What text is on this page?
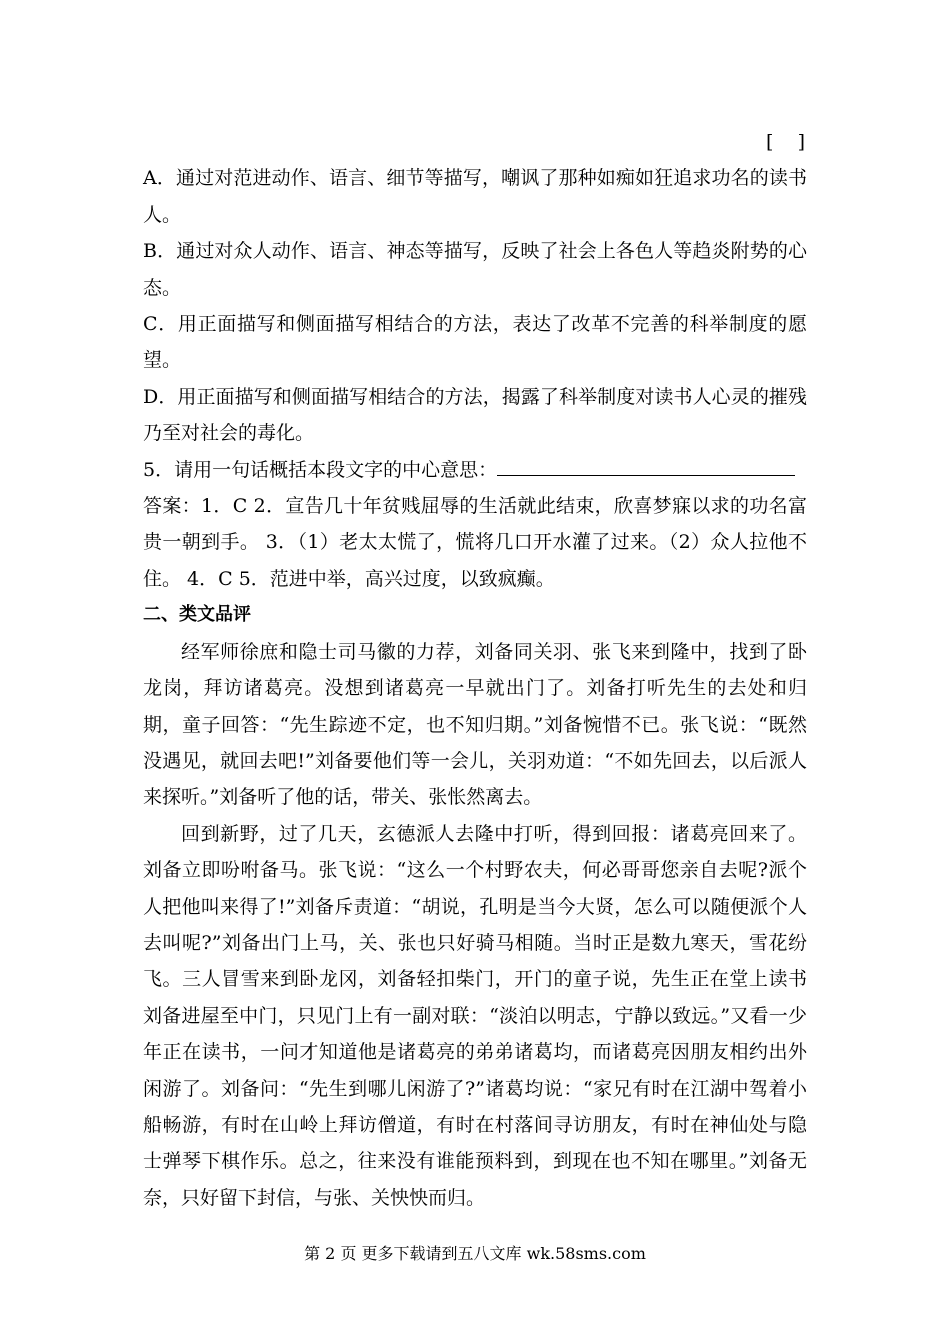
[    ]

A．通过对范进动作、语言、细节等描写，嘲讽了那种如痴如狂追求功名的读书人。

B．通过对众人动作、语言、神态等描写，反映了社会上各色人等趋炎附势的心态。

C．用正面描写和侧面描写相结合的方法，表达了改革不完善的科举制度的愿望。

D．用正面描写和侧面描写相结合的方法，揭露了科举制度对读书人心灵的摧残乃至对社会的毒化。

5．请用一句话概括本段文字的中心意思：

答案：1．C 2．宣告几十年贫贱屈辱的生活就此结束，欣喜梦寐以求的功名富贵一朝到手。 3．（1）老太太慌了，慌将几口开水灌了过来。（2）众人拉他不住。 4．C 5．范进中举，高兴过度，以致疯癫。

二、类文品评

经军师徐庶和隐士司马徽的力荐，刘备同关羽、张飞来到隆中，找到了卧龙岗，拜访诸葛亮。没想到诸葛亮一早就出门了。刘备打听先生的去处和归期，童子回答：“先生踪迹不定，也不知归期。”刘备惋惜不已。张飞说：“既然没遇见，就回去吧!”刘备要他们等一会儿，关羽劝道：“不如先回去，以后派人来探听。”刘备听了他的话，带关、张怅然离去。

回到新野，过了几天，玄德派人去隆中打听，得到回报：诸葛亮回来了。刘备立即吩咐备马。张飞说：“这么一个村野农夫，何必哥哥您亲自去呢?派个人把他叫来得了!”刘备斥责道：“胡说，孔明是当今大贤，怎么可以随便派个人去叫呢?”刘备出门上马，关、张也只好骑马相随。当时正是数九寒天，雪花纷飞。三人冒雪来到卧龙冈，刘备轻扣柴门，开门的童子说，先生正在堂上读书刘备进屋至中门，只见门上有一副对联：“淡泊以明志，宁静以致远。”又看一少年正在读书，一问才知道他是诸葛亮的弟弟诸葛均，而诸葛亮因朋友相约出外闲游了。刘备问：“先生到哪儿闲游了?”诸葛均说：“家兄有时在江湖中驾着小船畅游，有时在山岭上拜访僧道，有时在村落间寻访朋友，有时在神仙处与隐士弹琴下棋作乐。总之，往来没有谁能预料到，到现在也不知在哪里。”刘备无奈，只好留下封信，与张、关怏怏而归。

第 2 页 更多下载请到五八文库 wk.58sms.com
